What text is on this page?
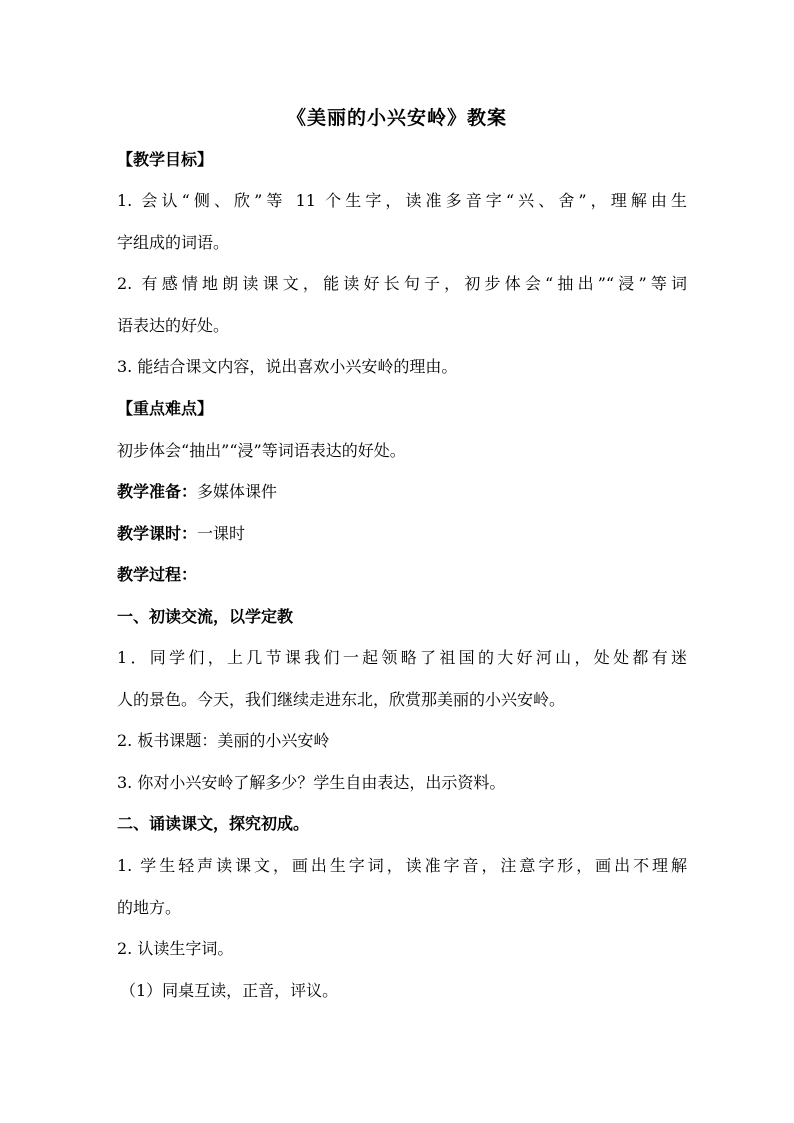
《美丽的小兴安岭》教案
【教学目标】
1. 会认“侧、欣”等 11 个生字，读准多音字“兴、舍”，理解由生
字组成的词语。
2. 有感情地朗读课文，能读好长句子，初步体会“抽出”“浸”等词
语表达的好处。
3. 能结合课文内容，说出喜欢小兴安岭的理由。
【重点难点】
初步体会“抽出”“浸”等词语表达的好处。
教学准备：多媒体课件
教学课时：一课时
教学过程：
一、初读交流，以学定教
1．同学们，上几节课我们一起领略了祖国的大好河山，处处都有迷
人的景色。今天，我们继续走进东北，欣赏那美丽的小兴安岭。
2. 板书课题：美丽的小兴安岭
3. 你对小兴安岭了解多少？学生自由表达，出示资料。
二、诵读课文，探究初成。
1. 学生轻声读课文，画出生字词，读准字音，注意字形，画出不理解
的地方。
2. 认读生字词。
（1）同桌互读，正音，评议。
